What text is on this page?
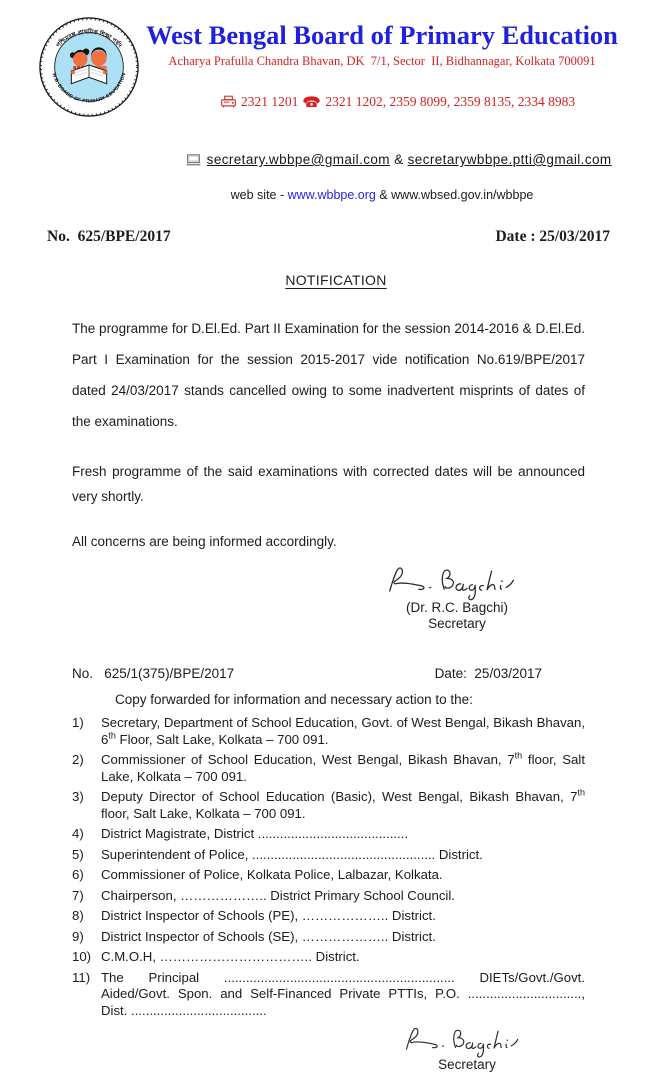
পশ্চিমবঙ্গ প্রাথমিক শিক্ষা পর্ষদ
W.B. BOARD OF PRIMARY EDUCATION
West Bengal Board of Primary Education
Acharya Prafulla Chandra Bhavan, DK  7/1, Sector  II, Bidhannagar, Kolkata 700091

2321 1201 2321 1202, 2359 8099, 2359 8135, 2334 8983

secretary.wbbpe@gmail.com & secretarywbbpe.ptti@gmail.com

web site - www.wbbpe.org & www.wbsed.gov.in/wbbpe
No.  625/BPE/2017	Date : 25/03/2017
NOTIFICATION

The programme for D.El.Ed. Part II Examination for the session 2014-2016 & D.El.Ed. Part I Examination for the session 2015-2017 vide notification No.619/BPE/2017 dated 24/03/2017 stands cancelled owing to some inadvertent misprints of dates of the examinations.

Fresh programme of the said examinations with corrected dates will be announced very shortly.

All concerns are being informed accordingly.

(Dr. R.C. Bagchi)
Secretary
No.   625/1(375)/BPE/2017	Date:  25/03/2017
Copy forwarded for information and necessary action to the:
1)	Secretary, Department of School Education, Govt. of West Bengal, Bikash Bhavan, 6th Floor, Salt Lake, Kolkata – 700 091.
2)	Commissioner of School Education, West Bengal, Bikash Bhavan, 7th floor, Salt Lake, Kolkata – 700 091.
3)	Deputy Director of School Education (Basic), West Bengal, Bikash Bhavan, 7th floor, Salt Lake, Kolkata – 700 091.
4)	District Magistrate, District .........................................
5)	Superintendent of Police, .................................................. District.
6)	Commissioner of Police, Kolkata Police, Lalbazar, Kolkata.
7)	Chairperson, ……………….. District Primary School Council.
8)	District Inspector of Schools (PE), ……………….. District.
9)	District Inspector of Schools (SE), ……………….. District.
10) C.M.O.H, …………………………….. District.
11) The Principal ............................................................... DIETs/Govt./Govt. Aided/Govt. Spon. and Self-Financed Private PTTIs, P.O. ..............................., Dist. .....................................
Secretary
